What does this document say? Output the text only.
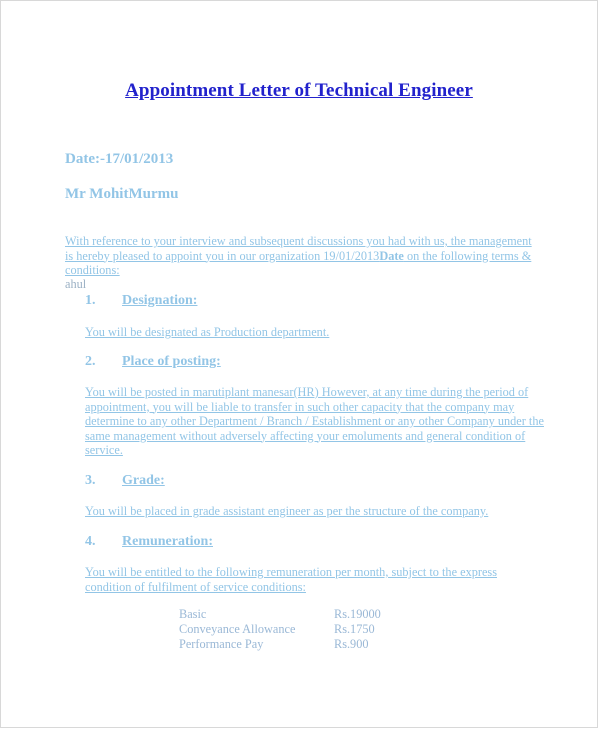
Appointment Letter of Technical Engineer
Date:-17/01/2013
Mr MohitMurmu
With reference to your interview and subsequent discussions you had with us, the management is hereby pleased to appoint you in our organization 19/01/2013Date on the following terms & conditions:
ahul
1. Designation:
You will be designated as Production department.
2. Place of posting:
You will be posted in marutiplant manesar(HR) However, at any time during the period of appointment, you will be liable to transfer in such other capacity that the company may determine to any other Department / Branch / Establishment or any other Company under the same management without adversely affecting your emoluments and general condition of service.
3. Grade:
You will be placed in grade assistant engineer as per the structure of the company.
4. Remuneration:
You will be entitled to the following remuneration per month, subject to the express condition of fulfilment of service conditions:
Basic	Rs.19000
Conveyance Allowance	Rs.1750
Performance Pay	Rs.900
